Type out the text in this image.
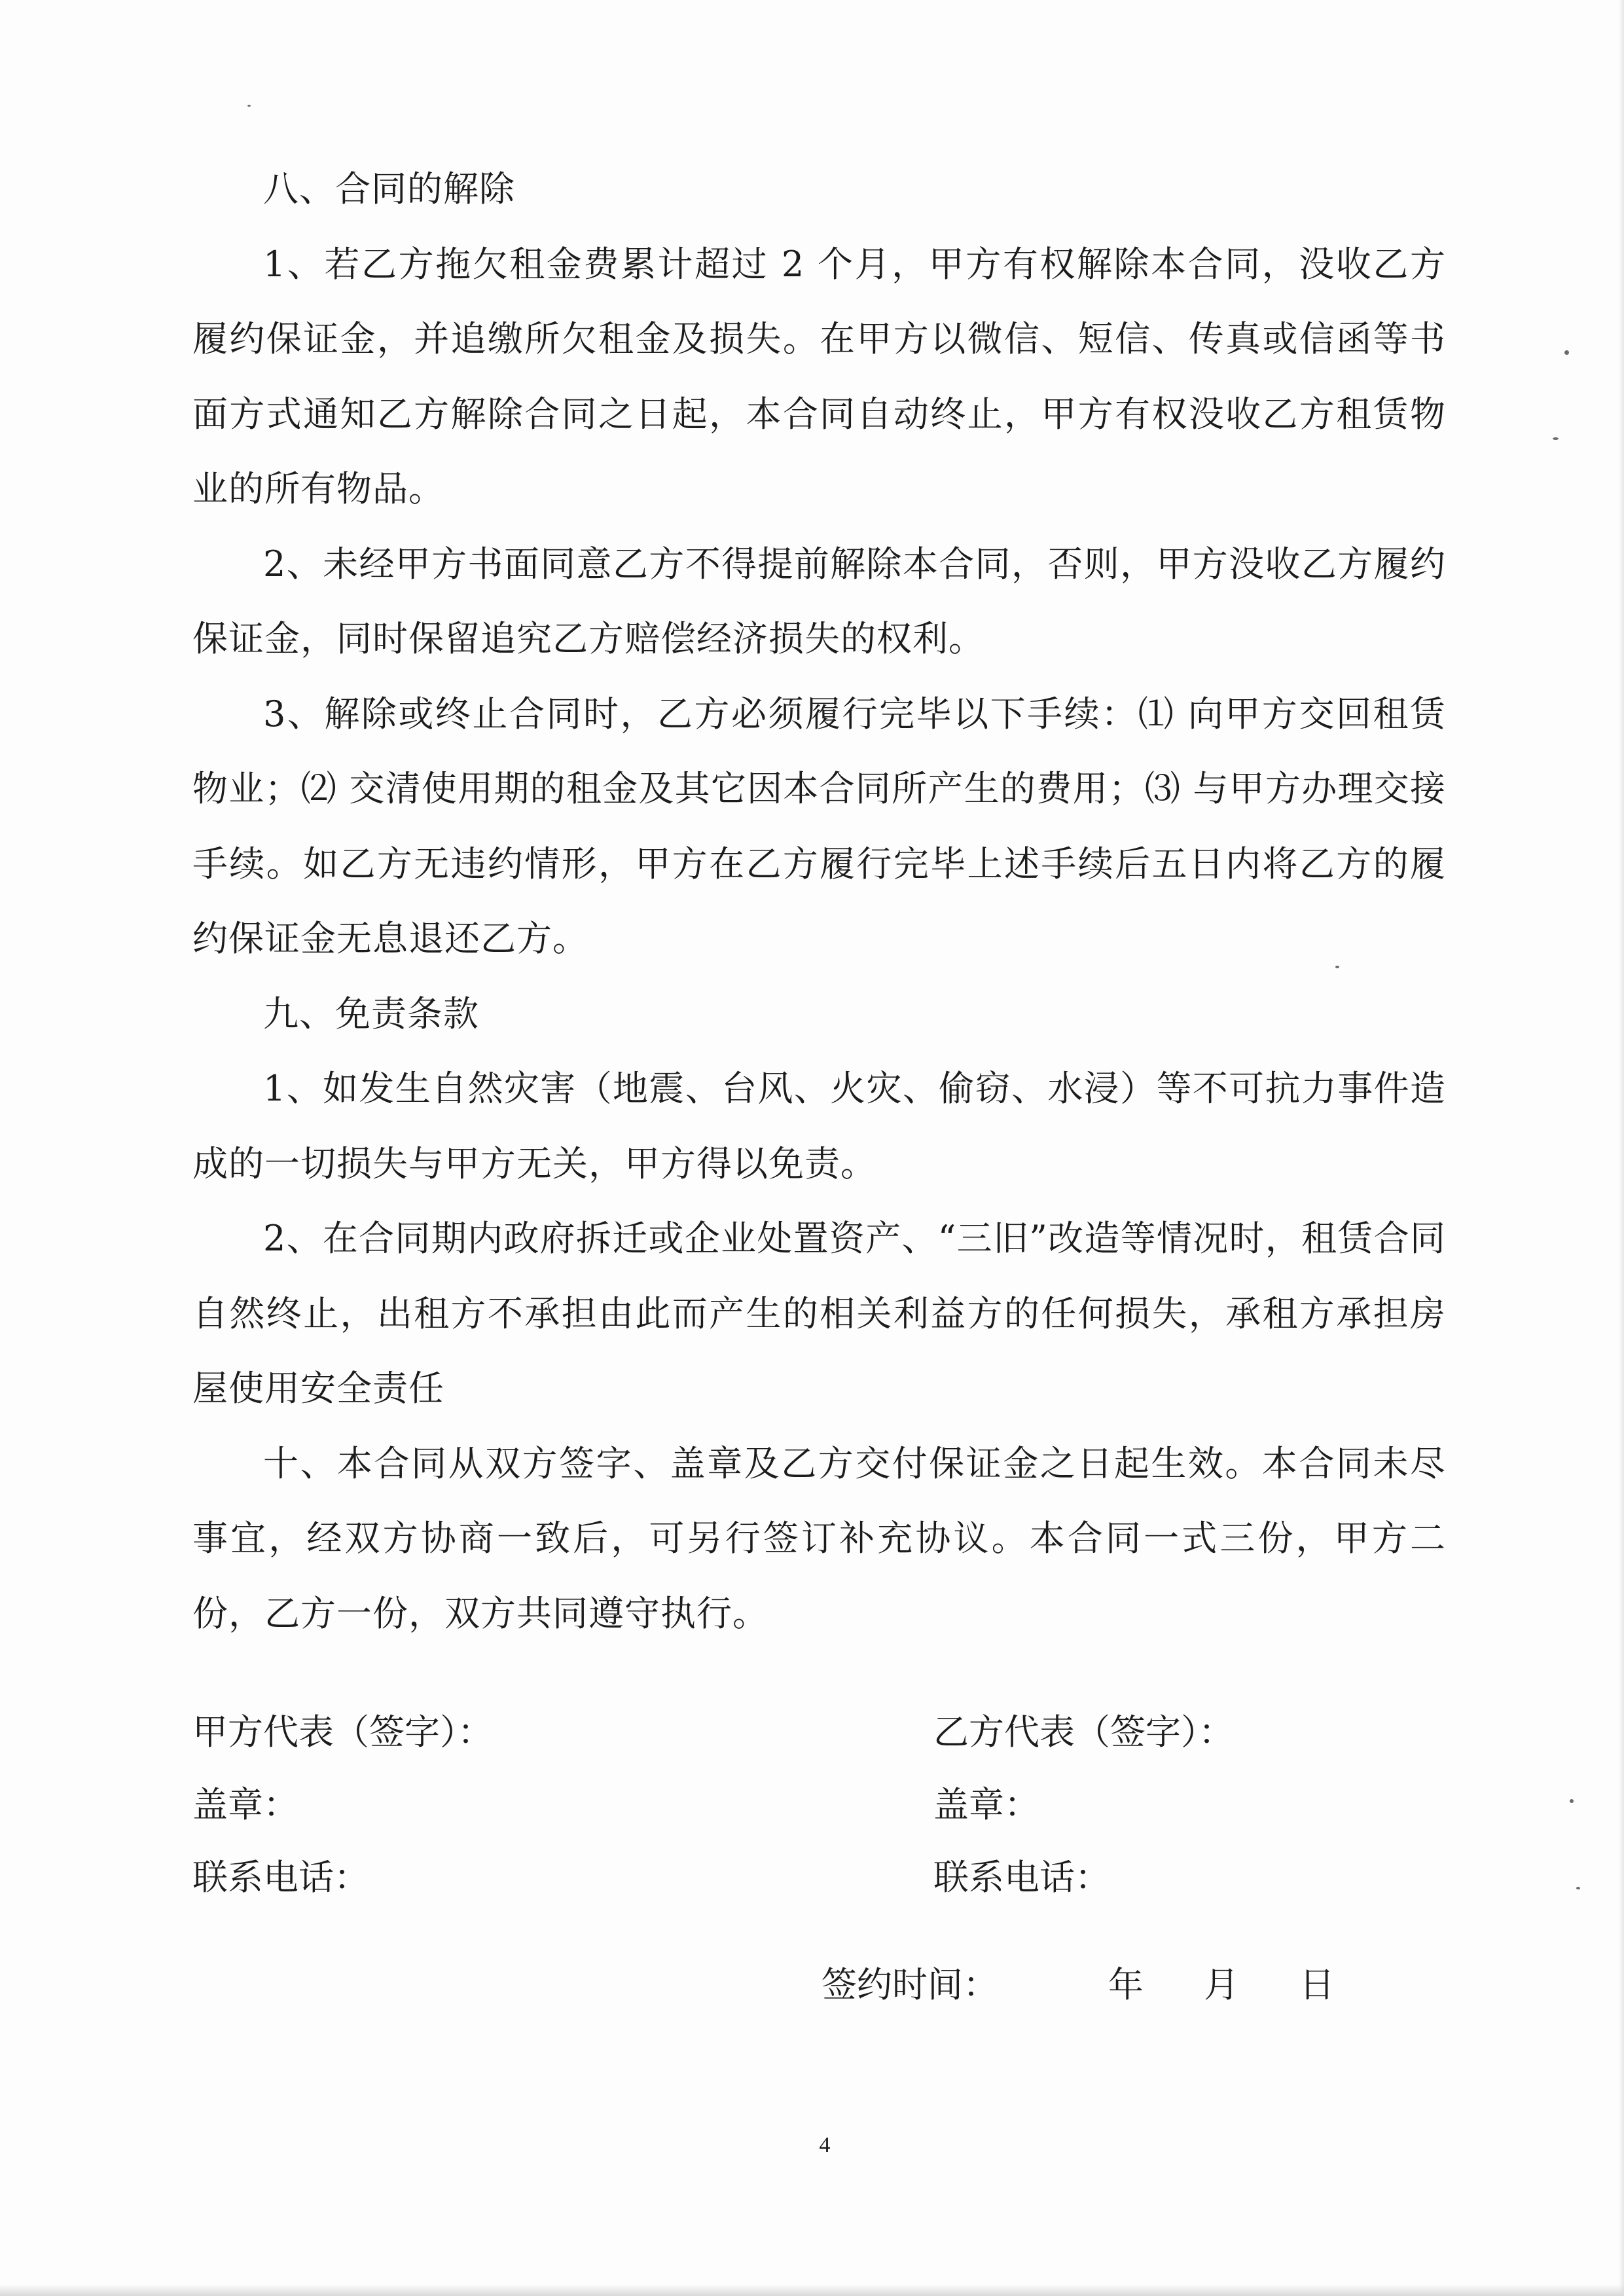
八、合同的解除

1、若乙方拖欠租金费累计超过 2 个月，甲方有权解除本合同，没收乙方履约保证金，并追缴所欠租金及损失。在甲方以微信、短信、传真或信函等书面方式通知乙方解除合同之日起，本合同自动终止，甲方有权没收乙方租赁物业的所有物品。

2、未经甲方书面同意乙方不得提前解除本合同，否则，甲方没收乙方履约保证金，同时保留追究乙方赔偿经济损失的权利。

3、解除或终止合同时，乙方必须履行完毕以下手续：⑴ 向甲方交回租赁物业；⑵ 交清使用期的租金及其它因本合同所产生的费用；⑶ 与甲方办理交接手续。如乙方无违约情形，甲方在乙方履行完毕上述手续后五日内将乙方的履约保证金无息退还乙方。

九、免责条款

1、如发生自然灾害（地震、台风、火灾、偷窃、水浸）等不可抗力事件造成的一切损失与甲方无关，甲方得以免责。

2、在合同期内政府拆迁或企业处置资产、“三旧”改造等情况时，租赁合同自然终止，出租方不承担由此而产生的相关利益方的任何损失，承租方承担房屋使用安全责任

十、本合同从双方签字、盖章及乙方交付保证金之日起生效。本合同未尽事宜，经双方协商一致后，可另行签订补充协议。本合同一式三份，甲方二份，乙方一份，双方共同遵守执行。

甲方代表（签字）：
盖章：
联系电话：
乙方代表（签字）：
盖章：
联系电话：
签约时间：	年 月 日
4
